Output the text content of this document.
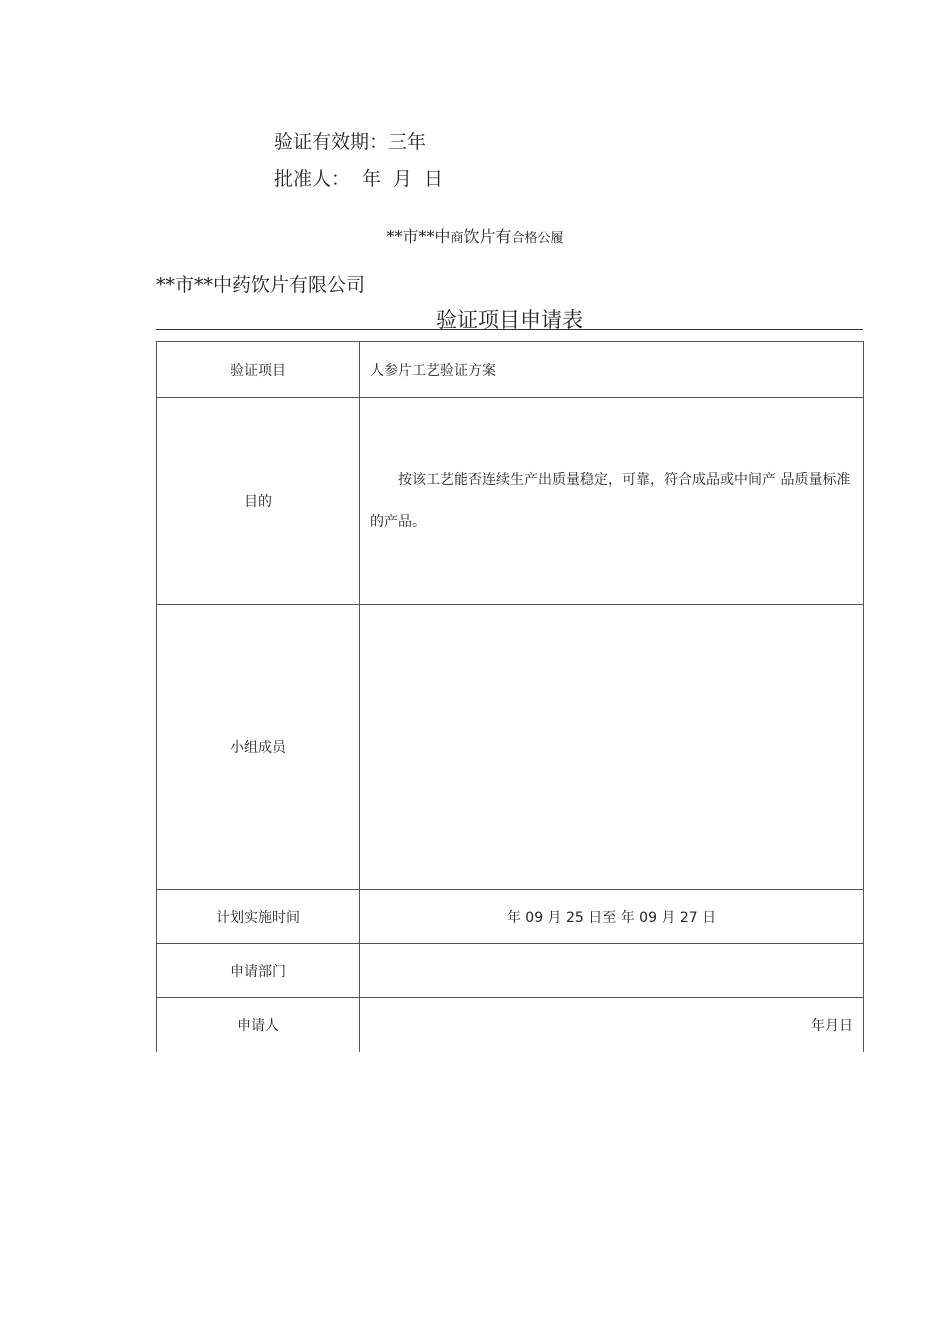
验证有效期：三年
批准人： 年 月 日
**市**中商饮片有合格公履
**市**中药饮片有限公司
验证项目申请表
验证项目	人参片工艺验证方案
目的	按该工艺能否连续生产出质量稳定，可靠，符合成品或中间产 品质量标准的产品。
小组成员	
计划实施时间	年 09 月 25 日至 年 09 月 27 日
申请部门	
申请人	年月日
